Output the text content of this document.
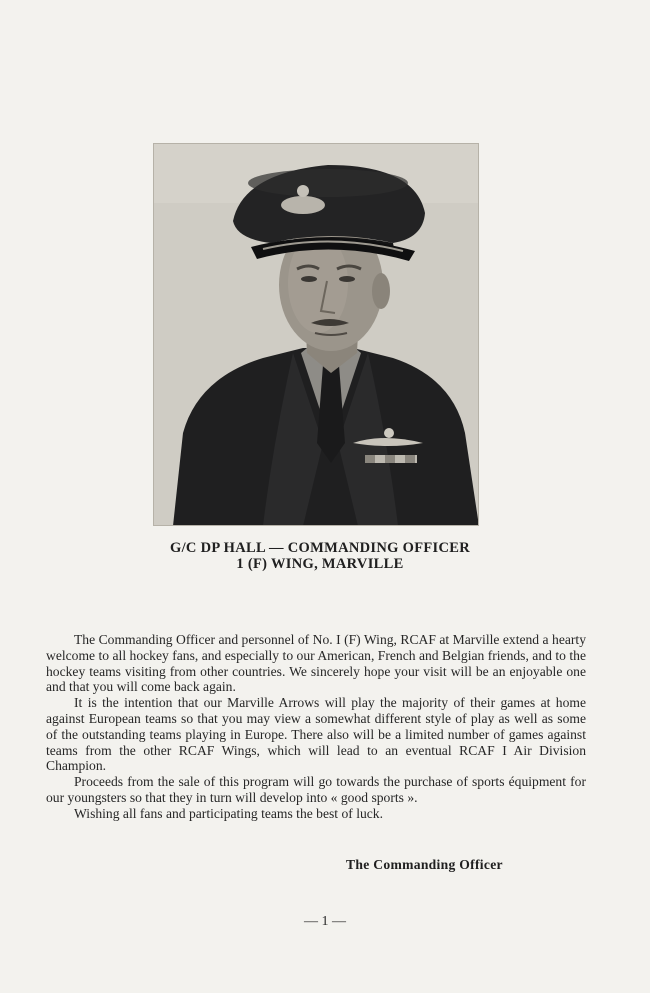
G/C DP HALL — COMMANDING OFFICER
1 (F) WING, MARVILLE

The Commanding Officer and personnel of No. I (F) Wing, RCAF at Marville extend a hearty welcome to all hockey fans, and especially to our American, French and Belgian friends, and to the hockey teams visiting from other countries. We sincerely hope your visit will be an enjoyable one and that you will come back again.

It is the intention that our Marville Arrows will play the majority of their games at home against European teams so that you may view a somewhat different style of play as well as some of the outstanding teams playing in Europe. There also will be a limited number of games against teams from the other RCAF Wings, which will lead to an eventual RCAF I Air Division Champion.

Proceeds from the sale of this program will go towards the purchase of sports équipment for our youngsters so that they in turn will develop into « good sports ».

Wishing all fans and participating teams the best of luck.

The Commanding Officer
— 1 —
